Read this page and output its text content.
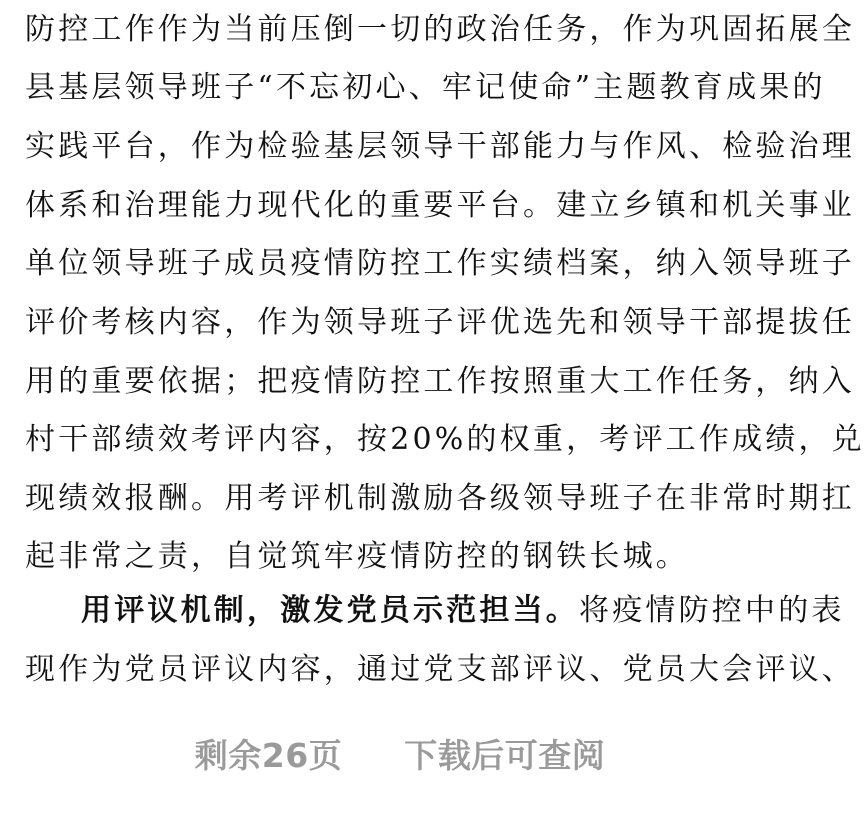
防控工作作为当前压倒一切的政治任务，作为巩固拓展全
县基层领导班子“不忘初心、牢记使命”主题教育成果的
实践平台，作为检验基层领导干部能力与作风、检验治理
体系和治理能力现代化的重要平台。建立乡镇和机关事业
单位领导班子成员疫情防控工作实绩档案，纳入领导班子
评价考核内容，作为领导班子评优选先和领导干部提拔任
用的重要依据；把疫情防控工作按照重大工作任务，纳入
村干部绩效考评内容，按20%的权重，考评工作成绩，兑
现绩效报酬。用考评机制激励各级领导班子在非常时期扛
起非常之责，自觉筑牢疫情防控的钢铁长城。
用评议机制，激发党员示范担当。将疫情防控中的表
现作为党员评议内容，通过党支部评议、党员大会评议、
剩余26页 下载后可查阅
